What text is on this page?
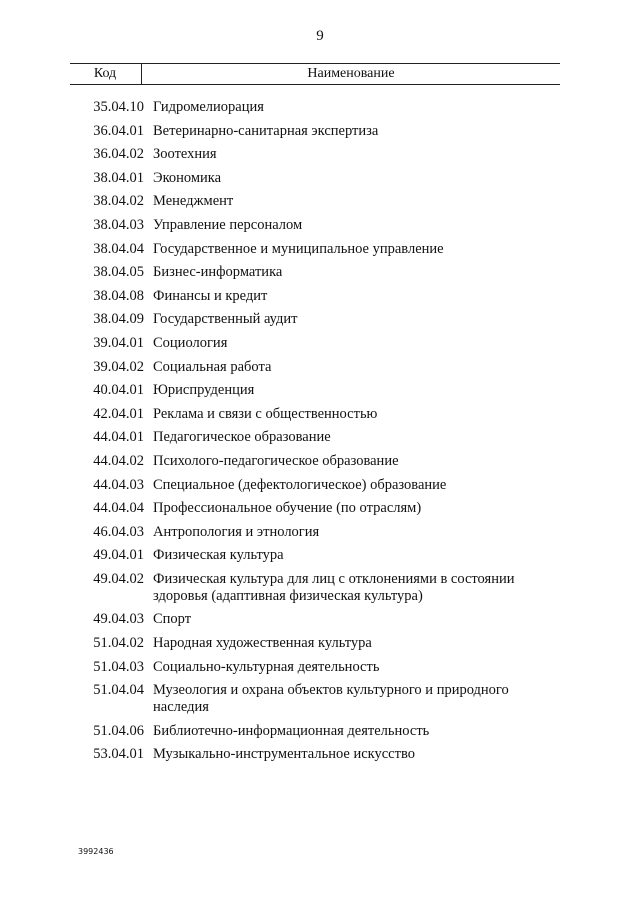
9
Код	Наименование
35.04.10 Гидромелиорация
36.04.01 Ветеринарно-санитарная экспертиза
36.04.02 Зоотехния
38.04.01 Экономика
38.04.02 Менеджмент
38.04.03 Управление персоналом
38.04.04 Государственное и муниципальное управление
38.04.05 Бизнес-информатика
38.04.08 Финансы и кредит
38.04.09 Государственный аудит
39.04.01 Социология
39.04.02 Социальная работа
40.04.01 Юриспруденция
42.04.01 Реклама и связи с общественностью
44.04.01 Педагогическое образование
44.04.02 Психолого-педагогическое образование
44.04.03 Специальное (дефектологическое) образование
44.04.04 Профессиональное обучение (по отраслям)
46.04.03 Антропология и этнология
49.04.01 Физическая культура
49.04.02 Физическая культура для лиц с отклонениями в состоянии здоровья (адаптивная физическая культура)
49.04.03 Спорт
51.04.02 Народная художественная культура
51.04.03 Социально-культурная деятельность
51.04.04 Музеология и охрана объектов культурного и природного наследия
51.04.06 Библиотечно-информационная деятельность
53.04.01 Музыкально-инструментальное искусство
3992436
